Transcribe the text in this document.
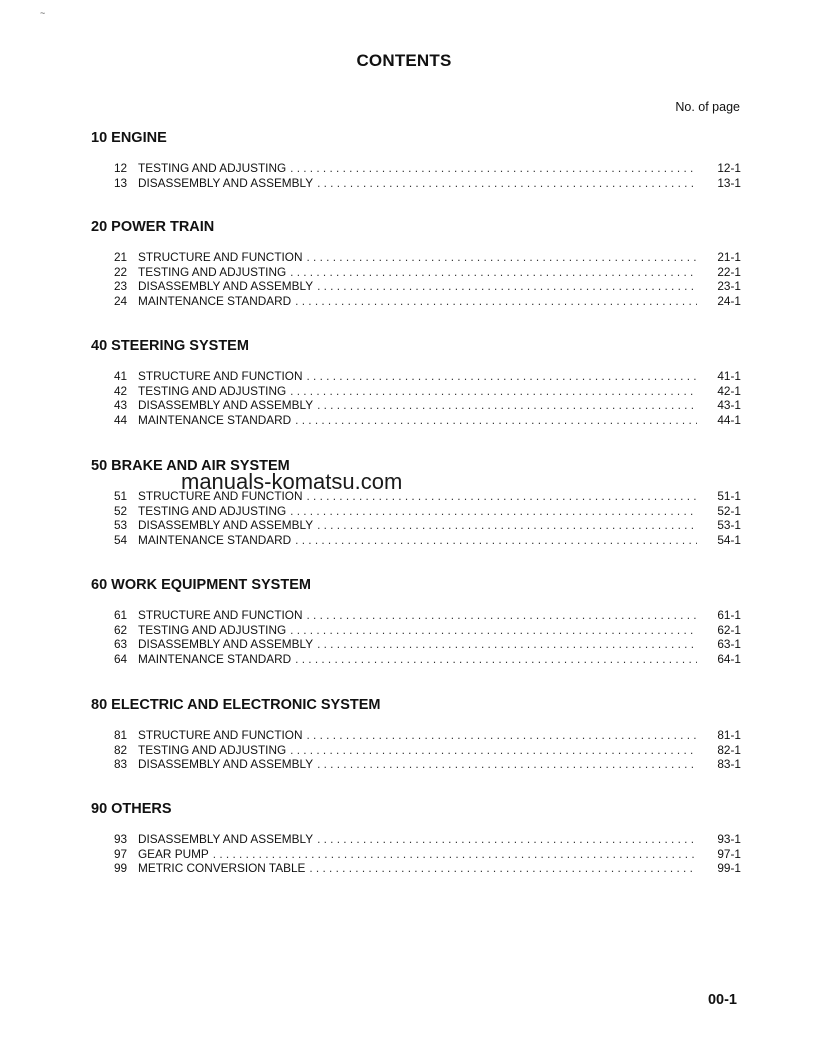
~
CONTENTS
No. of page
10 ENGINE
12 TESTING AND ADJUSTING . . .	12-1
13 DISASSEMBLY AND ASSEMBLY . . .	13-1
20 POWER TRAIN
21 STRUCTURE AND FUNCTION . . .	21-1
22 TESTING AND ADJUSTING . . .	22-1
23 DISASSEMBLY AND ASSEMBLY . . .	23-1
24 MAINTENANCE STANDARD . . .	24-1
40 STEERING SYSTEM
41 STRUCTURE AND FUNCTION . . .	41-1
42 TESTING AND ADJUSTING . . .	42-1
43 DISASSEMBLY AND ASSEMBLY . . .	43-1
44 MAINTENANCE STANDARD . . .	44-1
50 BRAKE AND AIR SYSTEM
51 STRUCTURE AND FUNCTION . . .	51-1
52 TESTING AND ADJUSTING . . .	52-1
53 DISASSEMBLY AND ASSEMBLY . . .	53-1
54 MAINTENANCE STANDARD . . .	54-1
60 WORK EQUIPMENT SYSTEM
61 STRUCTURE AND FUNCTION . . .	61-1
62 TESTING AND ADJUSTING . . .	62-1
63 DISASSEMBLY AND ASSEMBLY . . .	63-1
64 MAINTENANCE STANDARD . . .	64-1
80 ELECTRIC AND ELECTRONIC SYSTEM
81 STRUCTURE AND FUNCTION . . .	81-1
82 TESTING AND ADJUSTING . . .	82-1
83 DISASSEMBLY AND ASSEMBLY . . .	83-1
90 OTHERS
93 DISASSEMBLY AND ASSEMBLY . . .	93-1
97 GEAR PUMP . . .	97-1
99 METRIC CONVERSION TABLE . . .	99-1
manuals-komatsu.com
00-1
